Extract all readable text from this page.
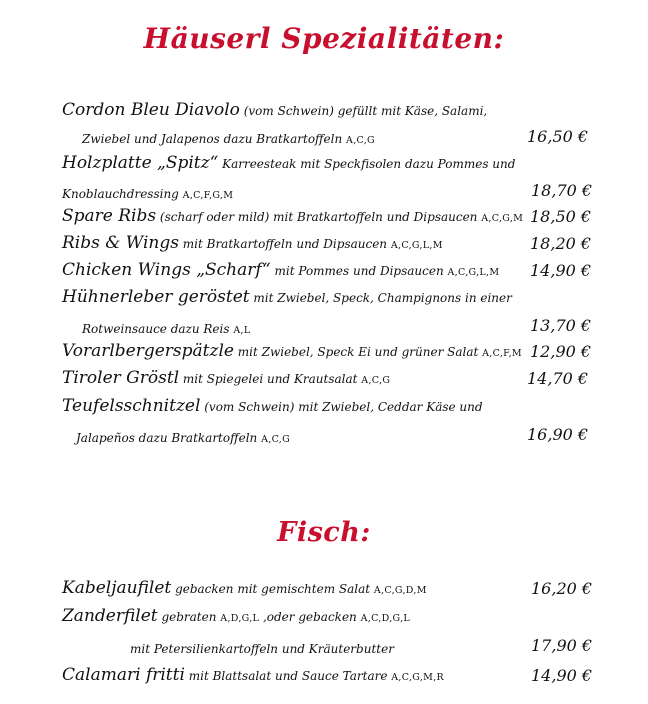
Häuserl Spezialitäten:
Cordon Bleu Diavolo (vom Schwein) gefüllt mit Käse, Salami,
Zwiebel und Jalapenos dazu Bratkartoffeln A,C,G	16,50 €
Holzplatte „Spitz“ Karreesteak mit Speckfisolen dazu Pommes und
Knoblauchdressing A,C,F,G,M	18,70 €
Spare Ribs (scharf oder mild) mit Bratkartoffeln und Dipsaucen A,C,G,M 18,50 €
Ribs & Wings mit Bratkartoffeln und Dipsaucen A,C,G,L,M	18,20 €
Chicken Wings „Scharf“ mit Pommes und Dipsaucen A,C,G,L,M 14,90 €
Hühnerleber geröstet mit Zwiebel, Speck, Champignons in einer
Rotweinsauce dazu Reis A,L	13,70 €
Vorarlbergerspätzle mit Zwiebel, Speck Ei und grüner Salat A,C,F,M 12,90 €
Tiroler Gröstl mit Spiegelei und Krautsalat A,C,G	14,70 €
Teufelsschnitzel (vom Schwein) mit Zwiebel, Ceddar Käse und
Jalapeños dazu Bratkartoffeln A,C,G	16,90 €
Fisch:
Kabeljaufilet gebacken mit gemischtem Salat A,C,G,D,M	16,20 €
Zanderfilet gebraten A,D,G,L ,oder gebacken A,C,D,G,L
mit Petersilienkartoffeln und Kräuterbutter	17,90 €
Calamari fritti mit Blattsalat und Sauce Tartare A,C,G,M,R	14,90 €
